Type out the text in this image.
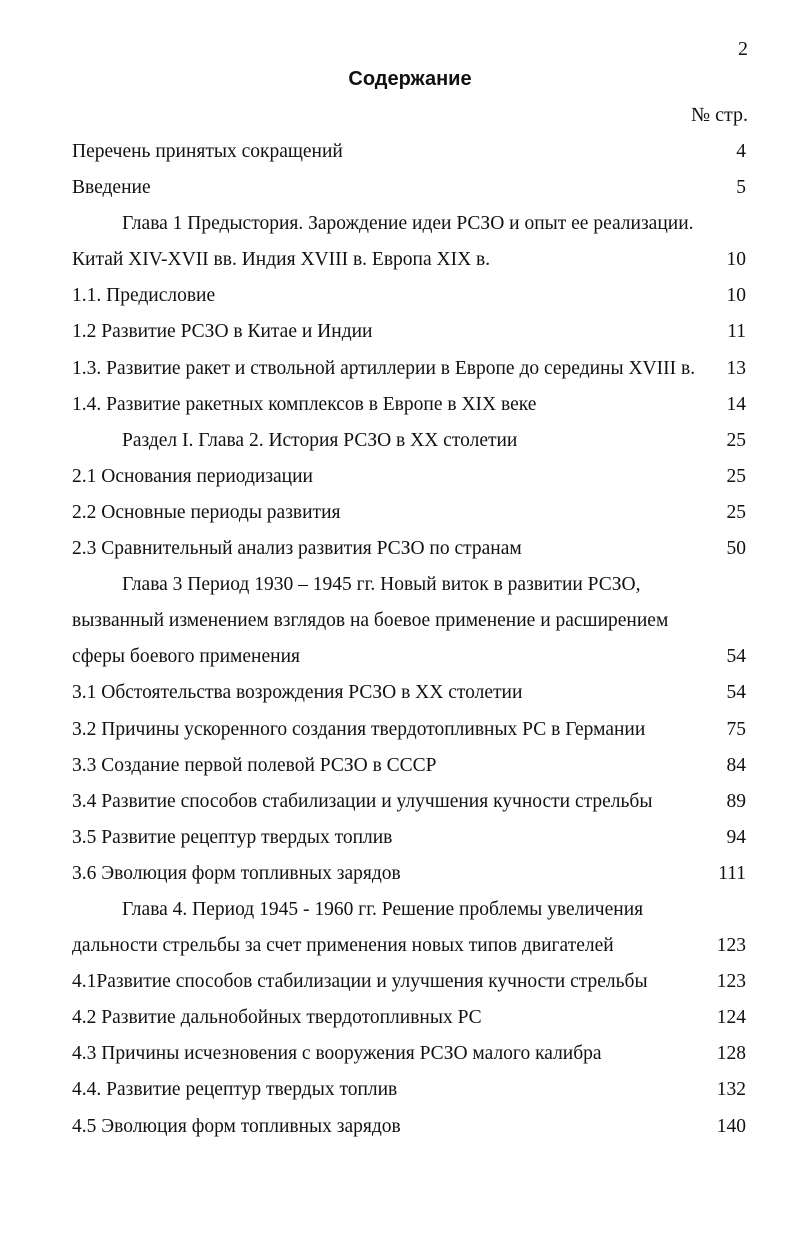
2
Содержание
№ стр.
Перечень принятых сокращений	4
Введение	5
Глава 1 Предыстория. Зарождение идеи РСЗО и опыт ее реализации.
Китай XIV-XVII вв. Индия XVIII в. Европа XIX в.	10
1.1. Предисловие	10
1.2 Развитие РСЗО в Китае и Индии	11
1.3. Развитие ракет и ствольной артиллерии в Европе до середины XVIII в. 13
1.4. Развитие ракетных комплексов в Европе в XIX веке	14
Раздел I. Глава 2. История РСЗО в XX столетии	25
2.1 Основания периодизации	25
2.2 Основные периоды развития	25
2.3 Сравнительный анализ развития РСЗО по странам	50
Глава 3 Период 1930 – 1945 гг. Новый виток в развитии РСЗО,
вызванный изменением взглядов на боевое применение и расширением
сферы боевого применения	54
3.1 Обстоятельства возрождения РСЗО в XX столетии	54
3.2 Причины ускоренного создания твердотопливных РС в Германии	75
3.3 Создание первой полевой РСЗО в СССР	84
3.4 Развитие способов стабилизации и улучшения кучности стрельбы	89
3.5 Развитие рецептур твердых топлив	94
3.6 Эволюция форм топливных зарядов	111
Глава 4. Период 1945 - 1960 гг. Решение проблемы увеличения
дальности стрельбы за счет применения новых типов двигателей	123
4.1Развитие способов стабилизации и улучшения кучности стрельбы	123
4.2 Развитие дальнобойных твердотопливных РС	124
4.3 Причины исчезновения с вооружения РСЗО малого калибра	128
4.4. Развитие рецептур твердых топлив	132
4.5 Эволюция форм топливных зарядов	140
